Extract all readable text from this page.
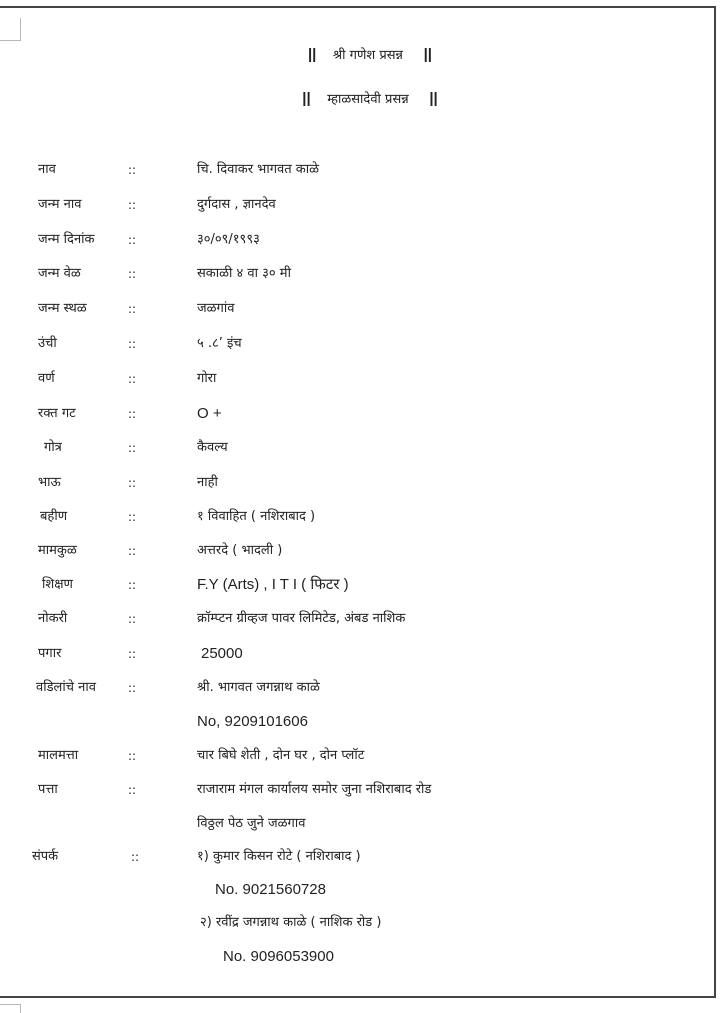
|| श्री गणेश प्रसन्न ||
|| म्हाळसादेवी प्रसन्न ||
नाव	::	चि. दिवाकर भागवत काळे
जन्म नाव	::	दुर्गदास , ज्ञानदेव
जन्म दिनांक	::	३०/०९/१९९३
जन्म वेळ	::	सकाळी ४ वा ३० मी
जन्म स्थळ	::	जळगांव
उंची	::	५ .८’ इंच
वर्ण	::	गोरा
रक्त गट	::	O +
गोत्र	::	कैवल्य
भाऊ	::	नाही
बहीण	::	१ विवाहित ( नशिराबाद )
मामकुळ	::	अत्तरदे ( भादली )
शिक्षण	::	F.Y (Arts) , I T I ( फिटर )
नोकरी	::	क्रॉम्प्टन ग्रीव्हज पावर लिमिटेड, अंबड नाशिक
पगार	::	25000
वडिलांचे नाव	::	श्री. भागवत जगन्नाथ काळे
No, 9209101606
मालमत्ता	::	चार बिघे शेती , दोन घर , दोन प्लॉट
पत्ता	::	राजाराम मंगल कार्यालय समोर जुना नशिराबाद रोड
विठ्ठल पेठ जुने जळगाव
संपर्क	::	१) कुमार किसन रोटे ( नशिराबाद )
No. 9021560728
२) रवींद्र जगन्नाथ काळे ( नाशिक रोड )
No. 9096053900
